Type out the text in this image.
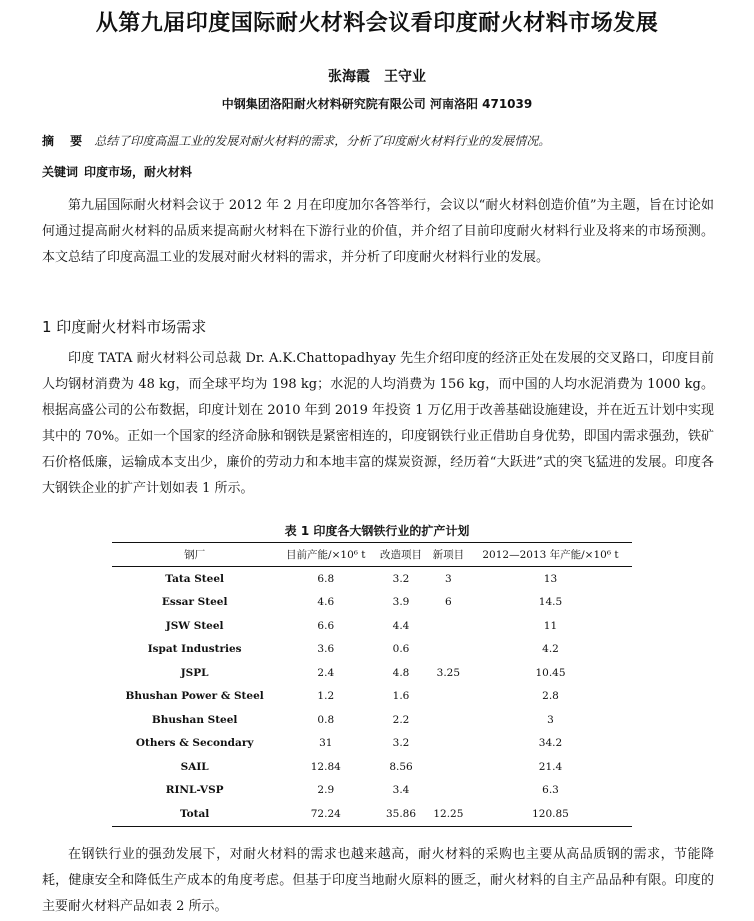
从第九届印度国际耐火材料会议看印度耐火材料市场发展
张海霞 王守业
中钢集团洛阳耐火材料研究院有限公司 河南洛阳 471039
摘 要 总结了印度高温工业的发展对耐火材料的需求，分析了印度耐火材料行业的发展情况。
关键词 印度市场，耐火材料

第九届国际耐火材料会议于 2012 年 2 月在印度加尔各答举行，会议以“耐火材料创造价值”为主题，旨在讨论如何通过提高耐火材料的品质来提高耐火材料在下游行业的价值，并介绍了目前印度耐火材料行业及将来的市场预测。本文总结了印度高温工业的发展对耐火材料的需求，并分析了印度耐火材料行业的发展。

1 印度耐火材料市场需求

印度 TATA 耐火材料公司总裁 Dr. A.K.Chattopadhyay 先生介绍印度的经济正处在发展的交叉路口，印度目前人均钢材消费为 48 kg，而全球平均为 198 kg；水泥的人均消费为 156 kg，而中国的人均水泥消费为 1000 kg。根据高盛公司的公布数据，印度计划在 2010 年到 2019 年投资 1 万亿用于改善基础设施建设，并在近五计划中实现其中的 70%。正如一个国家的经济命脉和钢铁是紧密相连的，印度钢铁行业正借助自身优势，即国内需求强劲，铁矿石价格低廉，运输成本支出少，廉价的劳动力和本地丰富的煤炭资源，经历着“大跃进”式的突飞猛进的发展。印度各大钢铁企业的扩产计划如表 1 所示。

表 1 印度各大钢铁行业的扩产计划
钢厂	目前产能/×10⁶ t	改造项目	新项目	2012—2013 年产能/×10⁶ t
Tata Steel	6.8	3.2	3	13
Essar Steel	4.6	3.9	6	14.5
JSW Steel	6.6	4.4		11
Ispat Industries	3.6	0.6		4.2
JSPL	2.4	4.8	3.25	10.45
Bhushan Power & Steel	1.2	1.6		2.8
Bhushan Steel	0.8	2.2		3
Others & Secondary	31	3.2		34.2
SAIL	12.84	8.56		21.4
RINL-VSP	2.9	3.4		6.3
Total	72.24	35.86	12.25	120.85

在钢铁行业的强劲发展下，对耐火材料的需求也越来越高，耐火材料的采购也主要从高品质钢的需求，节能降耗，健康安全和降低生产成本的角度考虑。但基于印度当地耐火原料的匮乏，耐火材料的自主产品品种有限。印度的主要耐火材料产品如表 2 所示。
